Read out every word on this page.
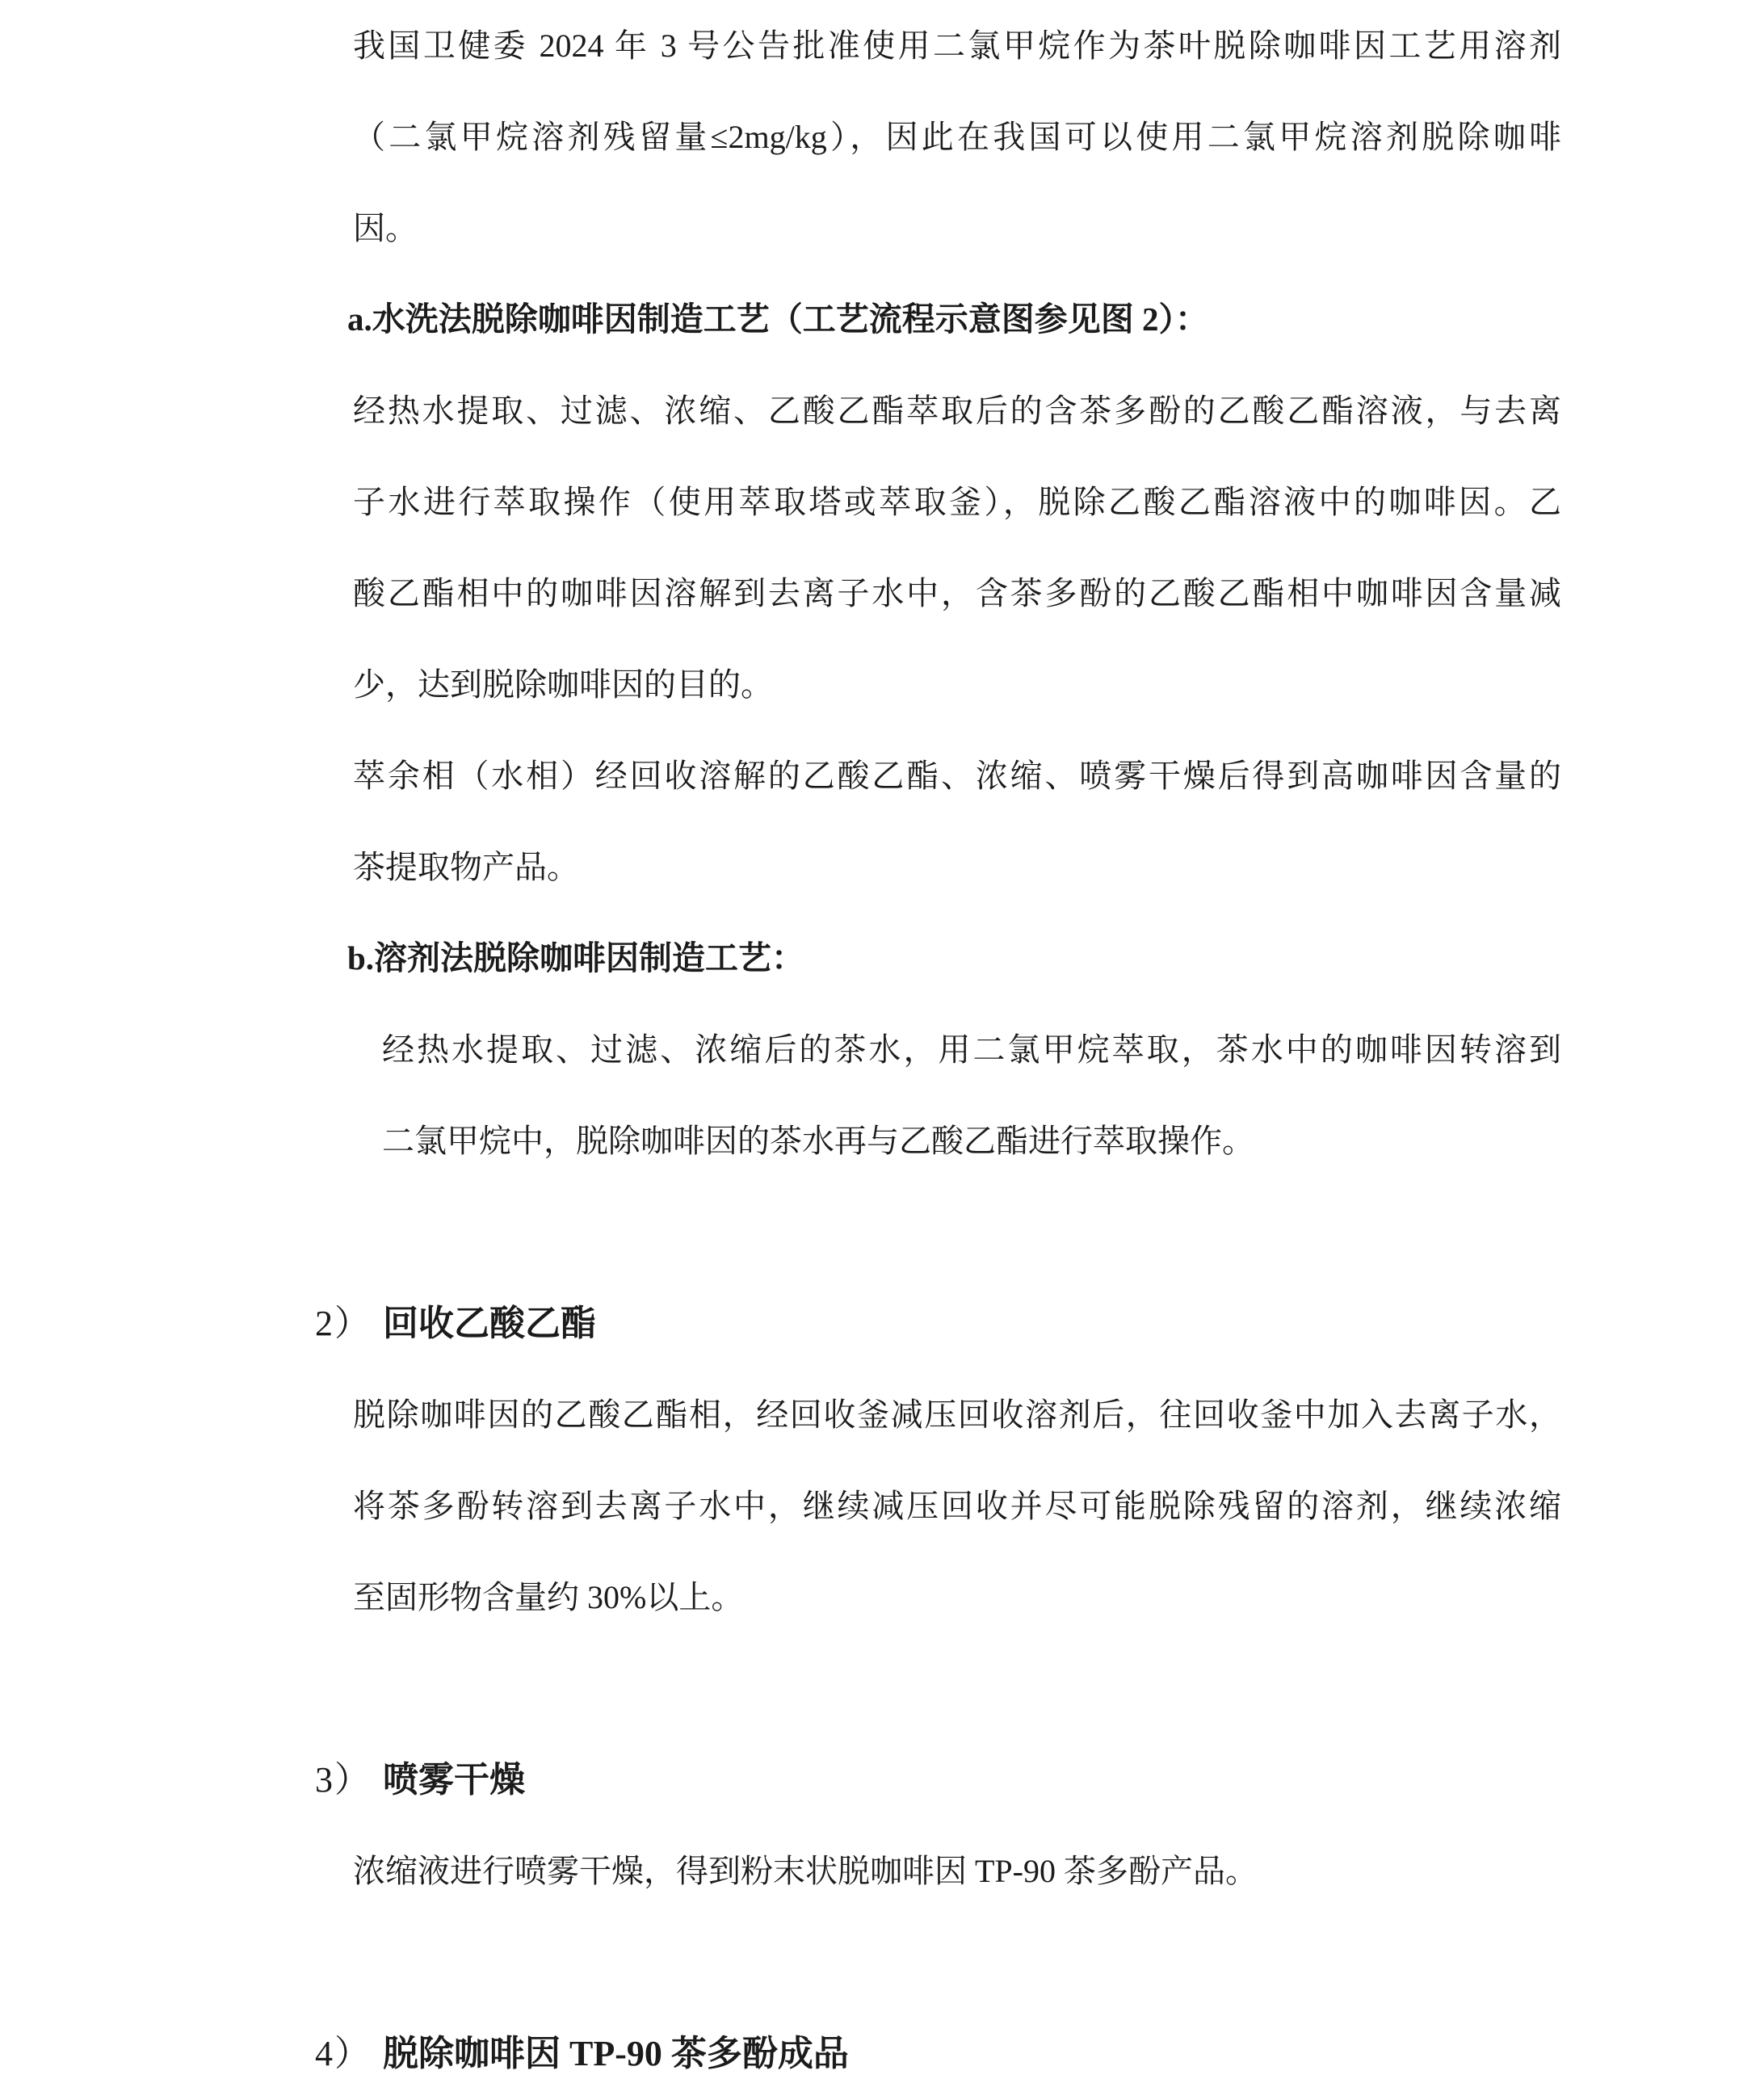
我国卫健委 2024 年 3 号公告批准使用二氯甲烷作为茶叶脱除咖啡因工艺用溶剂
（二氯甲烷溶剂残留量≤2mg/kg），因此在我国可以使用二氯甲烷溶剂脱除咖啡
因。
a.水洗法脱除咖啡因制造工艺（工艺流程示意图参见图 2）：
经热水提取、过滤、浓缩、乙酸乙酯萃取后的含茶多酚的乙酸乙酯溶液，与去离
子水进行萃取操作（使用萃取塔或萃取釜），脱除乙酸乙酯溶液中的咖啡因。乙
酸乙酯相中的咖啡因溶解到去离子水中，含茶多酚的乙酸乙酯相中咖啡因含量减
少，达到脱除咖啡因的目的。
萃余相（水相）经回收溶解的乙酸乙酯、浓缩、喷雾干燥后得到高咖啡因含量的
茶提取物产品。
b.溶剂法脱除咖啡因制造工艺：
经热水提取、过滤、浓缩后的茶水，用二氯甲烷萃取，茶水中的咖啡因转溶到
二氯甲烷中，脱除咖啡因的茶水再与乙酸乙酯进行萃取操作。
2） 回收乙酸乙酯
脱除咖啡因的乙酸乙酯相，经回收釜减压回收溶剂后，往回收釜中加入去离子水，
将茶多酚转溶到去离子水中，继续减压回收并尽可能脱除残留的溶剂，继续浓缩
至固形物含量约 30%以上。
3） 喷雾干燥
浓缩液进行喷雾干燥，得到粉末状脱咖啡因 TP-90 茶多酚产品。
4） 脱除咖啡因 TP-90 茶多酚成品
